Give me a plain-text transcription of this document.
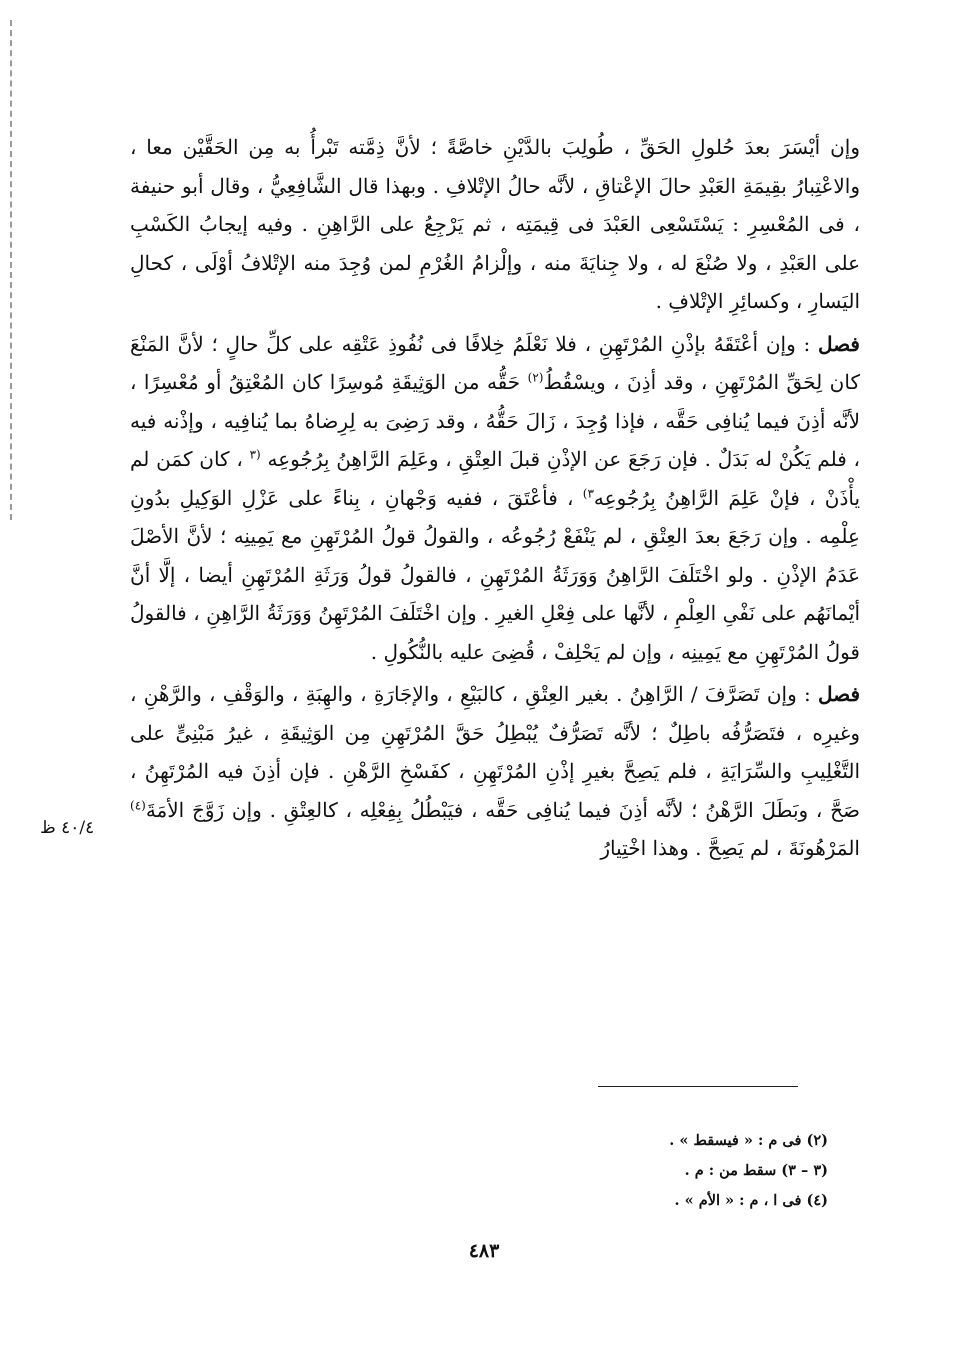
٤٠/٤ ظ

وإن أيْسَرَ بعدَ حُلولِ الحَقِّ ، طُولِبَ بالدَّيْنِ خاصَّةً ؛ لأنَّ ذِمَّته تَبْرأُ به مِن الحَقَّيْن معا ، والاعْتِبارُ بقِيمَةِ العَبْدِ حالَ الإعْتاقِ ، لأنَّه حالُ الإتْلافِ . وبهذا قال الشَّافِعِيُّ ، وقال أبو حنيفة ، فى المُعْسِرِ : يَسْتَسْعِى العَبْدَ فى قِيمَتِه ، ثم يَرْجِعُ على الرَّاهِنِ . وفيه إيجابُ الكَسْبِ على العَبْدِ ، ولا صُنْعَ له ، ولا جِنايَةَ منه ، وإلْزامُ الغُرْمِ لمن وُجِدَ منه الإتْلافُ أوْلَى ، كحالِ اليَسارِ ، وكسائِرِ الإتْلافِ .

فصل : وإن أعْتَقَهُ بإذْنِ المُرْتَهِنِ ، فلا نَعْلَمُ خِلافًا فى نُفُوذِ عَتْقِه على كلِّ حالٍ ؛ لأنَّ المَنْعَ كان لِحَقِّ المُرْتَهِنِ ، وقد أذِنَ ، ويسْقُطُ$^{(٢)}$ حَقُّه من الوَثِيقَةِ مُوسِرًا كان المُعْتِقُ أو مُعْسِرًا ، لأنَّه أذِنَ فيما يُنافِى حَقَّه ، فإذا وُجِدَ ، زَالَ حَقُّهُ ، وقد رَضِىَ به لِرِضاهُ بما يُنافِيه ، وإذْنه فيه ، فلم يَكُنْ له بَدَلٌ . فإن رَجَعَ عن الإذْنِ قبلَ العِتْقِ ، وعَلِمَ الرَّاهِنُ بِرُجُوعِه $^{(٣}$ ، كان كمَن لم يأْذَنْ ، فإنْ عَلِمَ الرَّاهِنُ بِرُجُوعِه$^{٣)}$ ، فأعْتَقَ ، ففيه وَجْهانِ ، بِناءً على عَزْلِ الوَكِيلِ بدُونِ عِلْمِه . وإن رَجَعَ بعدَ العِتْقِ ، لم يَنْفَعْ رُجُوعُه ، والقولُ قولُ المُرْتَهِنِ مع يَمِينِه ؛ لأنَّ الأصْلَ عَدَمُ الإذْنِ . ولو اخْتَلَفَ الرَّاهِنُ وَوَرَثَةُ المُرْتَهِنِ ، فالقولُ قولُ وَرَثَةِ المُرْتَهِنِ أيضا ، إلَّا أنَّ أيْمانَهُم على نَفْىِ العِلْمِ ، لأنَّها على فِعْلِ الغيرِ . وإن اخْتَلَفَ المُرْتَهِنُ وَوَرَثَةُ الرَّاهِنِ ، فالقولُ قولُ المُرْتَهِنِ مع يَمِينِه ، وإن لم يَحْلِفْ ، قُضِىَ عليه بالنُّكُولِ .

فصل : وإن تَصَرَّفَ / الرَّاهِنُ . بغير العِتْقِ ، كالبَيْعِ ، والإجَارَةِ ، والهِبَةِ ، والوَقْفِ ، والرَّهْنِ ، وغيرِه ، فتَصَرُّفُه باطِلٌ ؛ لأنَّه تَصَرُّفٌ يُبْطِلُ حَقَّ المُرْتَهِنِ مِن الوَثِيقَةِ ، غيرُ مَبْنِىٍّ على التَّغْلِيبِ والسِّرَايَةِ ، فلم يَصِحَّ بغيرِ إذْنِ المُرْتَهِنِ ، كفَسْخِ الرَّهْنِ . فإن أذِنَ فيه المُرْتَهِنُ ، صَحَّ ، وبَطَلَ الرَّهْنُ ؛ لأنَّه أذِنَ فيما يُنافِى حَقَّه ، فيَبْطُلُ بِفِعْلِه ، كالعِتْقِ . وإن زَوَّجَ الأمَةَ$^{(٤)}$ المَرْهُونَةَ ، لم يَصِحَّ . وهذا اخْتِيارُ

(٢) فى م : « فيسقط » .

(٣ – ٣) سقط من : م .

(٤) فى ا ، م : « الأم » .

٤٨٣
